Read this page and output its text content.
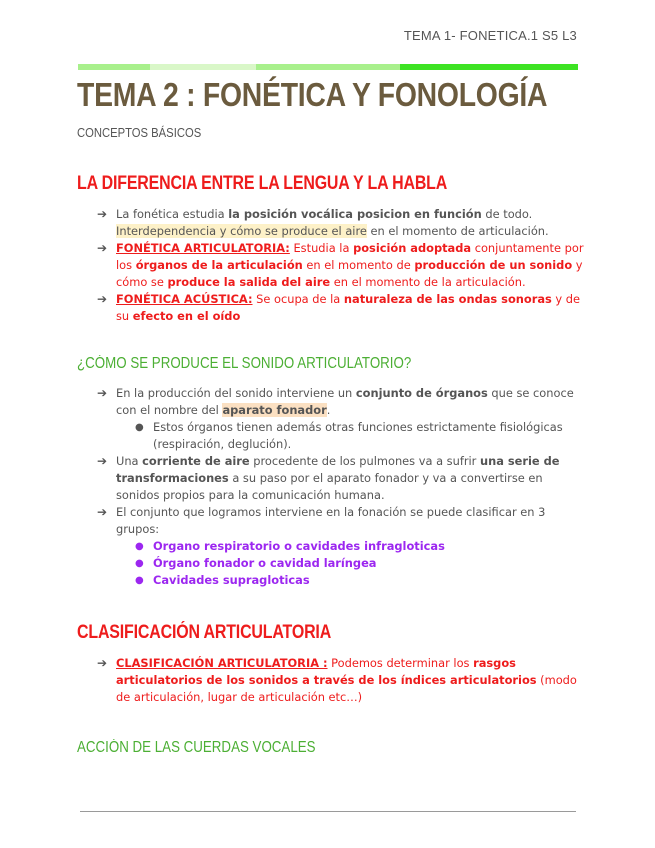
TEMA 1- FONETICA.1 S5 L3
TEMA 2 : FONÉTICA Y FONOLOGÍA
CONCEPTOS BÁSICOS
LA DIFERENCIA ENTRE LA LENGUA Y LA HABLA
➔ La fonética estudia la posición vocálica posicion en función de todo. Interdependencia y cómo se produce el aire en el momento de articulación.
➔ FONÉTICA ARTICULATORIA: Estudia la posición adoptada conjuntamente por los órganos de la articulación en el momento de producción de un sonido y cómo se produce la salida del aire en el momento de la articulación.
➔ FONÉTICA ACÚSTICA: Se ocupa de la naturaleza de las ondas sonoras y de su efecto en el oído
¿CÓMO SE PRODUCE EL SONIDO ARTICULATORIO?
➔ En la producción del sonido interviene un conjunto de órganos que se conoce con el nombre del aparato fonador.
● Estos órganos tienen además otras funciones estrictamente fisiológicas (respiración, deglución).
➔ Una corriente de aire procedente de los pulmones va a sufrir una serie de transformaciones a su paso por el aparato fonador y va a convertirse en sonidos propios para la comunicación humana.
➔ El conjunto que logramos interviene en la fonación se puede clasificar en 3 grupos:
● Organo respiratorio o cavidades infragloticas
● Órgano fonador o cavidad laríngea
● Cavidades supragloticas
CLASIFICACIÓN ARTICULATORIA
➔ CLASIFICACIÓN ARTICULATORIA : Podemos determinar los rasgos articulatorios de los sonidos a través de los índices articulatorios (modo de articulación, lugar de articulación etc…)
ACCIÓN DE LAS CUERDAS VOCALES
